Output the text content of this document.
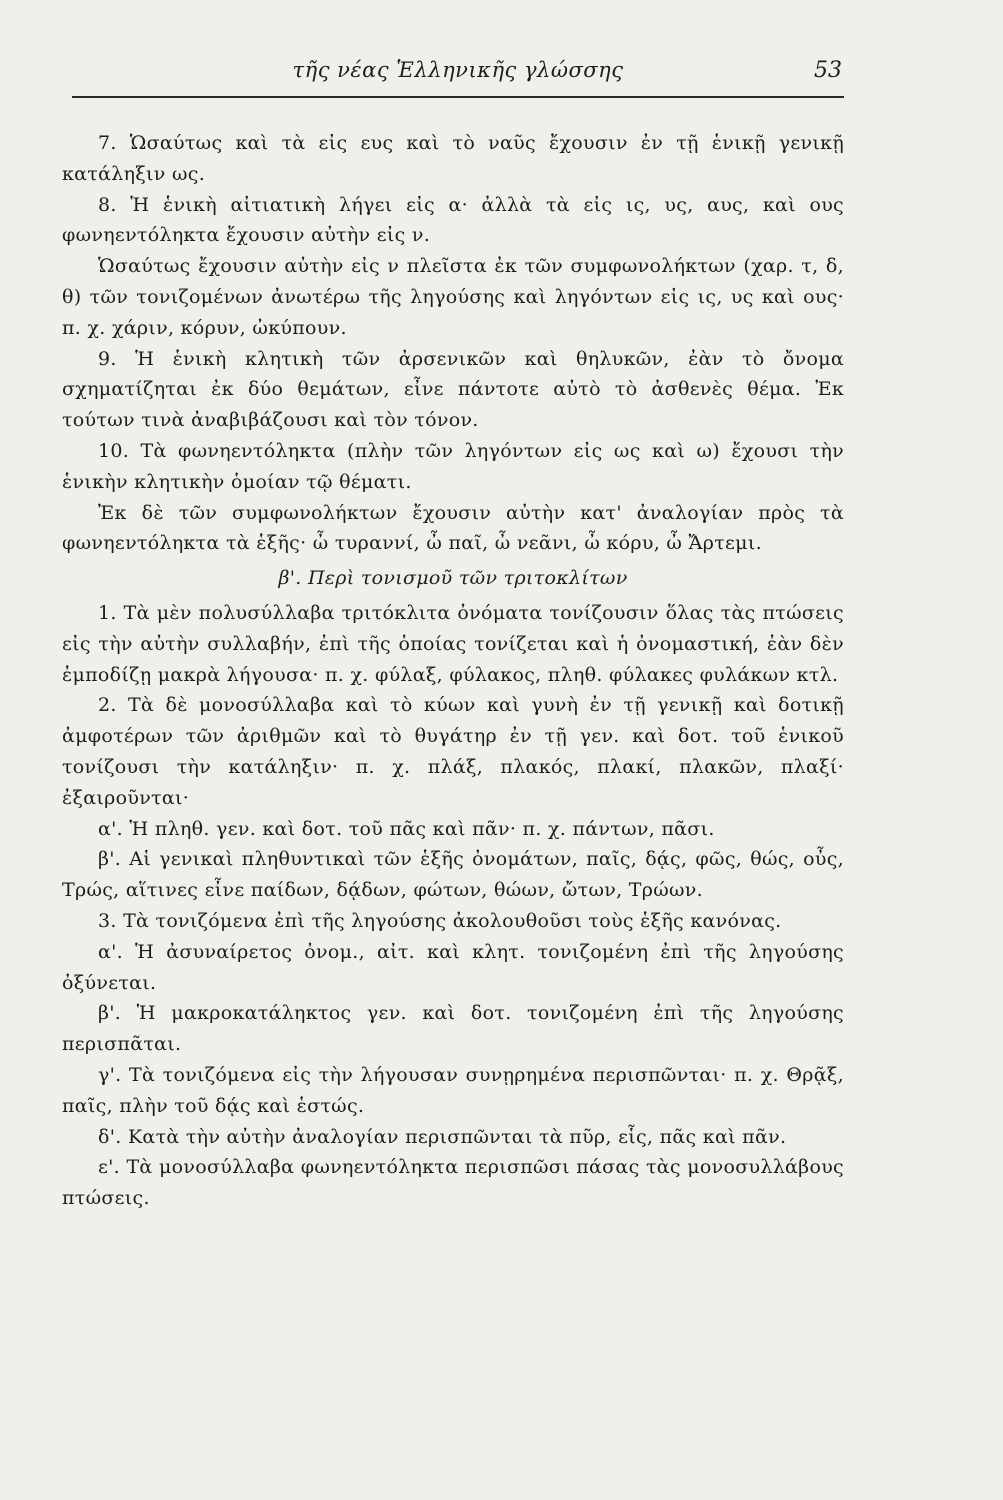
τῆς νέας Ἑλληνικῆς γλώσσης	53

7. Ὡσαύτως καὶ τὰ εἰς ευς καὶ τὸ ναῦς ἔχουσιν ἐν τῇ ἑνικῇ γενικῇ κατάληξιν ως.

8. Ἡ ἑνικὴ αἰτιατικὴ λήγει εἰς α· ἀλλὰ τὰ εἰς ις, υς, αυς, καὶ ους φωνηεντόληκτα ἔχουσιν αὐτὴν εἰς ν.

Ὡσαύτως ἔχουσιν αὐτὴν εἰς ν πλεῖστα ἐκ τῶν συμφωνολήκτων (χαρ. τ, δ, θ) τῶν τονιζομένων ἀνωτέρω τῆς ληγούσης καὶ ληγόντων εἰς ις, υς καὶ ους· π. χ. χάριν, κόρυν, ὠκύπουν.

9. Ἡ ἑνικὴ κλητικὴ τῶν ἀρσενικῶν καὶ θηλυκῶν, ἐὰν τὸ ὄνομα σχηματίζηται ἐκ δύο θεμάτων, εἶνε πάντοτε αὐτὸ τὸ ἀσθενὲς θέμα. Ἐκ τούτων τινὰ ἀναβιβάζουσι καὶ τὸν τόνον.

10. Τὰ φωνηεντόληκτα (πλὴν τῶν ληγόντων εἰς ως καὶ ω) ἔχουσι τὴν ἑνικὴν κλητικὴν ὁμοίαν τῷ θέματι.

Ἐκ δὲ τῶν συμφωνολήκτων ἔχουσιν αὐτὴν κατ' ἀναλογίαν πρὸς τὰ φωνηεντόληκτα τὰ ἑξῆς· ὦ τυραννί, ὦ παῖ, ὦ νεᾶνι, ὦ κόρυ, ὦ Ἄρτεμι.

β'. Περὶ τονισμοῦ τῶν τριτοκλίτων

1. Τὰ μὲν πολυσύλλαβα τριτόκλιτα ὀνόματα τονίζουσιν ὅλας τὰς πτώσεις εἰς τὴν αὐτὴν συλλαβήν, ἐπὶ τῆς ὁποίας τονίζεται καὶ ἡ ὀνομαστική, ἐὰν δὲν ἐμποδίζῃ μακρὰ λήγουσα· π. χ. φύλαξ, φύλακος, πληθ. φύλακες φυλάκων κτλ.

2. Τὰ δὲ μονοσύλλαβα καὶ τὸ κύων καὶ γυνὴ ἐν τῇ γενικῇ καὶ δοτικῇ ἀμφοτέρων τῶν ἀριθμῶν καὶ τὸ θυγάτηρ ἐν τῇ γεν. καὶ δοτ. τοῦ ἑνικοῦ τονίζουσι τὴν κατάληξιν· π. χ. πλάξ, πλακός, πλακί, πλακῶν, πλαξί· ἐξαιροῦνται·

α'. Ἡ πληθ. γεν. καὶ δοτ. τοῦ πᾶς καὶ πᾶν· π. χ. πάντων, πᾶσι.

β'. Αἱ γενικαὶ πληθυντικαὶ τῶν ἑξῆς ὀνομάτων, παῖς, δᾴς, φῶς, θώς, οὖς, Τρώς, αἵτινες εἶνε παίδων, δᾴδων, φώτων, θώων, ὤτων, Τρώων.

3. Τὰ τονιζόμενα ἐπὶ τῆς ληγούσης ἀκολουθοῦσι τοὺς ἑξῆς κανόνας.

α'. Ἡ ἀσυναίρετος ὀνομ., αἰτ. καὶ κλητ. τονιζομένη ἐπὶ τῆς ληγούσης ὀξύνεται.

β'. Ἡ μακροκατάληκτος γεν. καὶ δοτ. τονιζομένη ἐπὶ τῆς ληγούσης περισπᾶται.

γ'. Τὰ τονιζόμενα εἰς τὴν λήγουσαν συνῃρημένα περισπῶνται· π. χ. Θρᾷξ, παῖς, πλὴν τοῦ δᾴς καὶ ἑστώς.

δ'. Κατὰ τὴν αὐτὴν ἀναλογίαν περισπῶνται τὰ πῦρ, εἷς, πᾶς καὶ πᾶν.

ε'. Τὰ μονοσύλλαβα φωνηεντόληκτα περισπῶσι πάσας τὰς μονοσυλλάβους πτώσεις.
